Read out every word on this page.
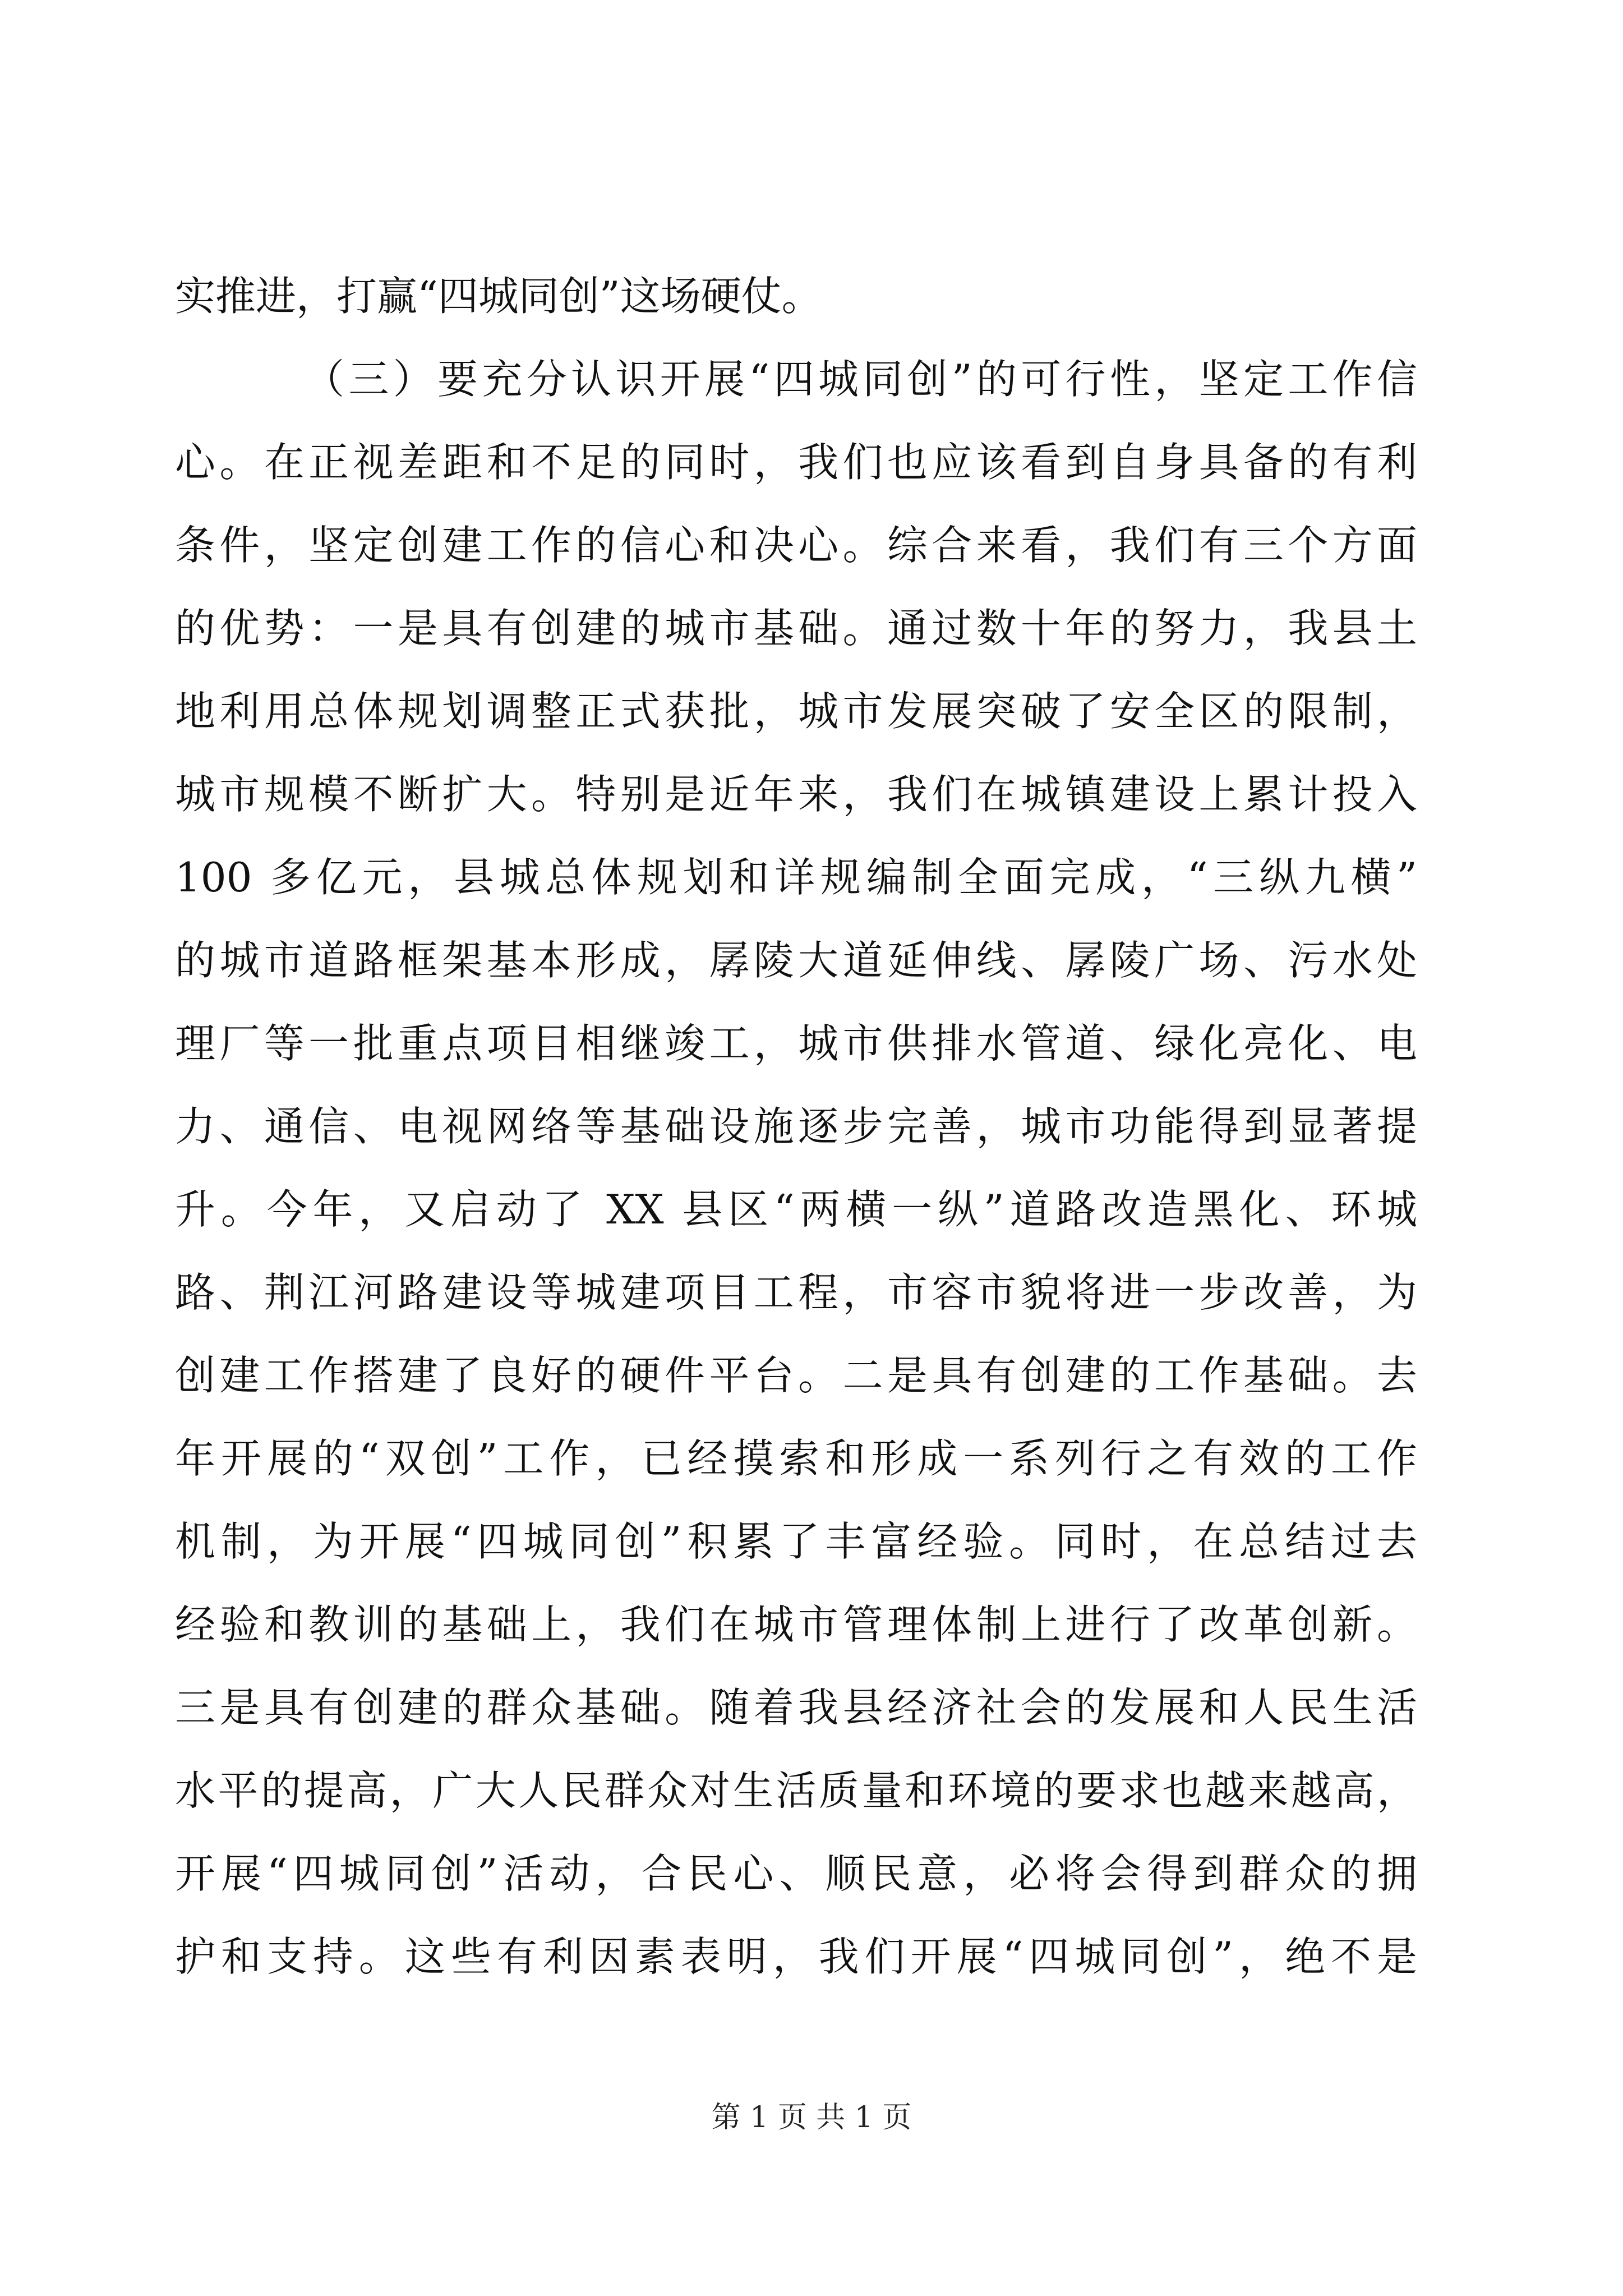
实推进，打赢“四城同创”这场硬仗。
（三）要充分认识开展“四城同创”的可行性，坚定工作信
心。在正视差距和不足的同时，我们也应该看到自身具备的有利
条件，坚定创建工作的信心和决心。综合来看，我们有三个方面
的优势：一是具有创建的城市基础。通过数十年的努力，我县土
地利用总体规划调整正式获批，城市发展突破了安全区的限制，
城市规模不断扩大。特别是近年来，我们在城镇建设上累计投入
100 多亿元，县城总体规划和详规编制全面完成，“三纵九横”
的城市道路框架基本形成，孱陵大道延伸线、孱陵广场、污水处
理厂等一批重点项目相继竣工，城市供排水管道、绿化亮化、电
力、通信、电视网络等基础设施逐步完善，城市功能得到显著提
升。今年，又启动了 XX 县区“两横一纵”道路改造黑化、环城
路、荆江河路建设等城建项目工程，市容市貌将进一步改善，为
创建工作搭建了良好的硬件平台。二是具有创建的工作基础。去
年开展的“双创”工作，已经摸索和形成一系列行之有效的工作
机制，为开展“四城同创”积累了丰富经验。同时，在总结过去
经验和教训的基础上，我们在城市管理体制上进行了改革创新。
三是具有创建的群众基础。随着我县经济社会的发展和人民生活
水平的提高，广大人民群众对生活质量和环境的要求也越来越高，
开展“四城同创”活动，合民心、顺民意，必将会得到群众的拥
护和支持。这些有利因素表明，我们开展“四城同创”，绝不是
第 1 页 共 1 页
